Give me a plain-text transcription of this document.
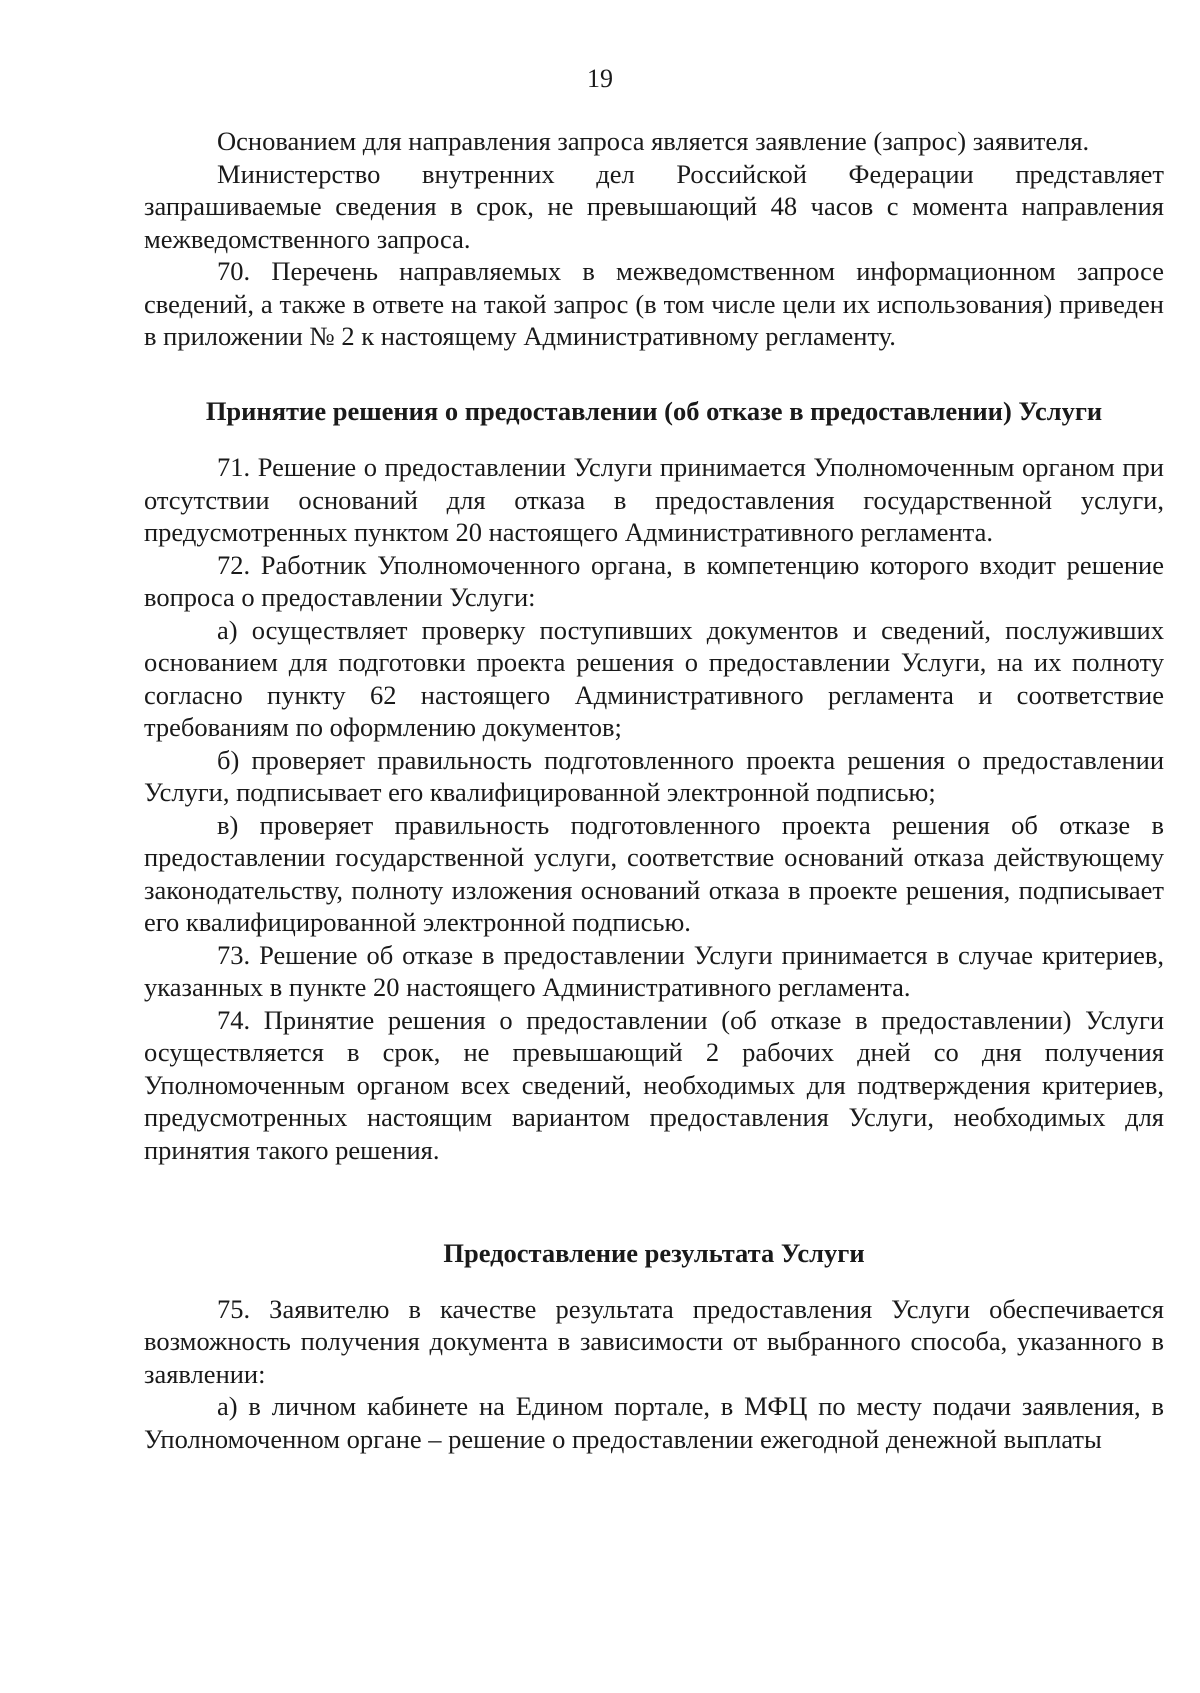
19

Основанием для направления запроса является заявление (запрос) заявителя.

Министерство внутренних дел Российской Федерации представляет запрашиваемые сведения в срок, не превышающий 48 часов с момента направления межведомственного запроса.

70. Перечень направляемых в межведомственном информационном запросе сведений, а также в ответе на такой запрос (в том числе цели их использования) приведен в приложении № 2 к настоящему Административному регламенту.

Принятие решения о предоставлении (об отказе в предоставлении) Услуги

71. Решение о предоставлении Услуги принимается Уполномоченным органом при отсутствии оснований для отказа в предоставления государственной услуги, предусмотренных пунктом 20 настоящего Административного регламента.

72. Работник Уполномоченного органа, в компетенцию которого входит решение вопроса о предоставлении Услуги:

а) осуществляет проверку поступивших документов и сведений, послуживших основанием для подготовки проекта решения о предоставлении Услуги, на их полноту согласно пункту 62 настоящего Административного регламента и соответствие требованиям по оформлению документов;

б) проверяет правильность подготовленного проекта решения о предоставлении Услуги, подписывает его квалифицированной электронной подписью;

в) проверяет правильность подготовленного проекта решения об отказе в предоставлении государственной услуги, соответствие оснований отказа действующему законодательству, полноту изложения оснований отказа в проекте решения, подписывает его квалифицированной электронной подписью.

73. Решение об отказе в предоставлении Услуги принимается в случае критериев, указанных в пункте 20 настоящего Административного регламента.

74. Принятие решения о предоставлении (об отказе в предоставлении) Услуги осуществляется в срок, не превышающий 2 рабочих дней со дня получения Уполномоченным органом всех сведений, необходимых для подтверждения критериев, предусмотренных настоящим вариантом предоставления Услуги, необходимых для принятия такого решения.

Предоставление результата Услуги

75. Заявителю в качестве результата предоставления Услуги обеспечивается возможность получения документа в зависимости от выбранного способа, указанного в заявлении:

а) в личном кабинете на Едином портале, в МФЦ по месту подачи заявления, в Уполномоченном органе – решение о предоставлении ежегодной денежной выплаты
